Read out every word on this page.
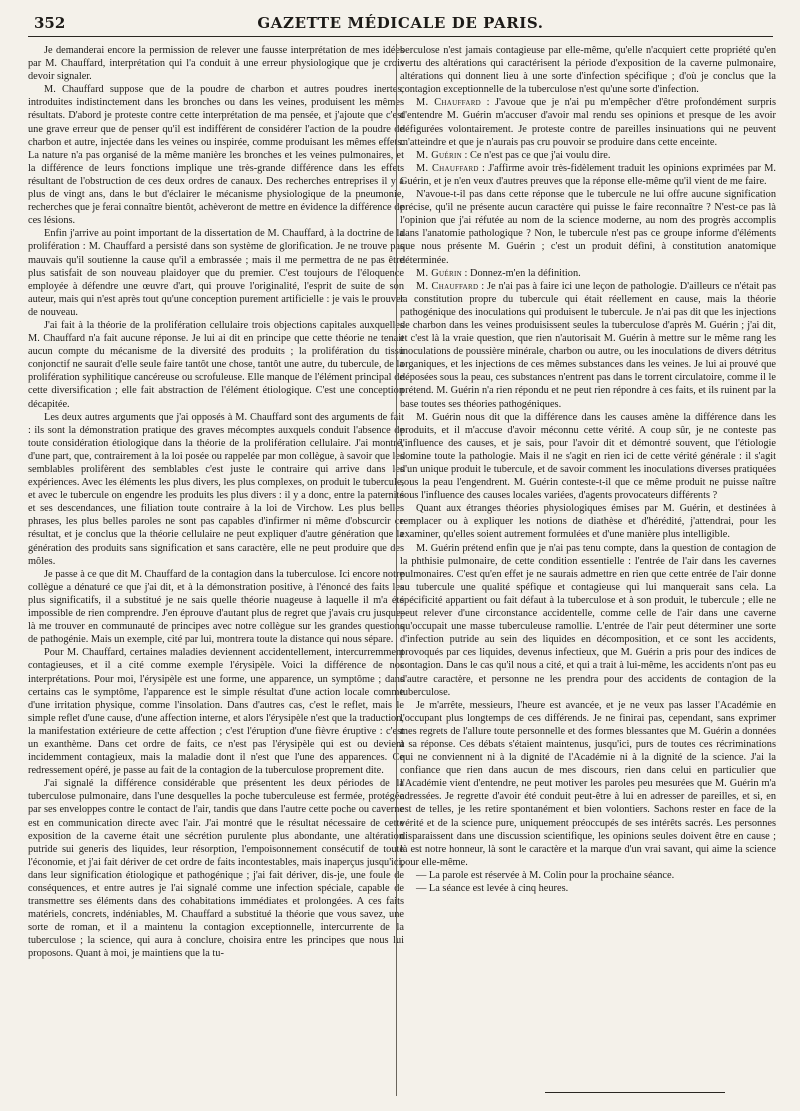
352	GAZETTE MÉDICALE DE PARIS.

Je demanderai encore la permission de relever une fausse interprétation de mes idées par M. Chauffard, interprétation qui l'a conduit à une erreur physiologique que je crois devoir signaler.

M. Chauffard suppose que de la poudre de charbon et autres poudres inertes, introduites indistinctement dans les bronches ou dans les veines, produisent les mêmes résultats. D'abord je proteste contre cette interprétation de ma pensée, et j'ajoute que c'est une grave erreur que de penser qu'il est indifférent de considérer l'action de la poudre de charbon et autre, injectée dans les veines ou inspirée, comme produisant les mêmes effets. La nature n'a pas organisé de la même manière les bronches et les veines pulmonaires, et la différence de leurs fonctions implique une très-grande différence dans les effets résultant de l'obstruction de ces deux ordres de canaux. Des recherches entreprises il y a plus de vingt ans, dans le but d'éclairer le mécanisme physiologique de la pneumonie, recherches que je ferai connaître bientôt, achèveront de mettre en évidence la différence de ces lésions.

Enfin j'arrive au point important de la dissertation de M. Chauffard, à la doctrine de la prolifération : M. Chauffard a persisté dans son système de glorification. Je ne trouve pas mauvais qu'il soutienne la cause qu'il a embrassée ; mais il me permettra de ne pas être plus satisfait de son nouveau plaidoyer que du premier. C'est toujours de l'éloquence employée à défendre une œuvre d'art, qui prouve l'originalité, l'esprit de suite de son auteur, mais qui n'est après tout qu'une conception purement artificielle : je vais le prouver de nouveau.

J'ai fait à la théorie de la prolifération cellulaire trois objections capitales auxquelles M. Chauffard n'a fait aucune réponse. Je lui ai dit en principe que cette théorie ne tenait aucun compte du mécanisme de la diversité des produits ; la prolifération du tissu conjonctif ne saurait d'elle seule faire tantôt une chose, tantôt une autre, du tubercule, de la prolifération syphilitique cancéreuse ou scrofuleuse. Elle manque de l'élément principal de cette diversification ; elle fait abstraction de l'élément étiologique. C'est une conception décapitée.

Les deux autres arguments que j'ai opposés à M. Chauffard sont des arguments de fait : ils sont la démonstration pratique des graves mécomptes auxquels conduit l'absence de toute considération étiologique dans la théorie de la prolifération cellulaire. J'ai montré, d'une part, que, contrairement à la loi posée ou rappelée par mon collègue, à savoir que les semblables prolifèrent des semblables c'est juste le contraire qui arrive dans les expériences. Avec les éléments les plus divers, les plus complexes, on produit le tubercule, et avec le tubercule on engendre les produits les plus divers : il y a donc, entre la paternité et ses descendances, une filiation toute contraire à la loi de Virchow. Les plus belles phrases, les plus belles paroles ne sont pas capables d'infirmer ni même d'obscurcir ce résultat, et je conclus que la théorie cellulaire ne peut expliquer d'autre génération que la génération des produits sans signification et sans caractère, elle ne peut produire que des môles.

Je passe à ce que dit M. Chauffard de la contagion dans la tuberculose. Ici encore notre collègue a dénaturé ce que j'ai dit, et à la démonstration positive, à l'énoncé des faits les plus significatifs, il a substitué je ne sais quelle théorie nuageuse à laquelle il m'a été impossible de rien comprendre. J'en éprouve d'autant plus de regret que j'avais cru jusque-là me trouver en communauté de principes avec notre collègue sur les grandes questions de pathogénie. Mais un exemple, cité par lui, montrera toute la distance qui nous sépare.

Pour M. Chauffard, certaines maladies deviennent accidentellement, intercurremment contagieuses, et il a cité comme exemple l'érysipèle. Voici la différence de nos interprétations. Pour moi, l'érysipèle est une forme, une apparence, un symptôme ; dans certains cas le symptôme, l'apparence est le simple résultat d'une action locale comme d'une irritation physique, comme l'insolation. Dans d'autres cas, c'est le reflet, mais le simple reflet d'une cause, d'une affection interne, et alors l'érysipèle n'est que la traduction, la manifestation extérieure de cette affection ; c'est l'éruption d'une fièvre éruptive : c'est un exanthème. Dans cet ordre de faits, ce n'est pas l'érysipèle qui est ou devient incidemment contagieux, mais la maladie dont il n'est que l'une des apparences. Ce redressement opéré, je passe au fait de la contagion de la tuberculose proprement dite.

J'ai signalé la différence considérable que présentent les deux périodes de la tuberculose pulmonaire, dans l'une desquelles la poche tuberculeuse est fermée, protégée par ses enveloppes contre le contact de l'air, tandis que dans l'autre cette poche ou caverne est en communication directe avec l'air. J'ai montré que le résultat nécessaire de cette exposition de la caverne était une sécrétion purulente plus abondante, une altération putride sui generis des liquides, leur résorption, l'empoisonnement consécutif de toute l'économie, et j'ai fait dériver de cet ordre de faits incontestables, mais inaperçus jusqu'ici, dans leur signification étiologique et pathogénique ; j'ai fait dériver, dis-je, une foule de conséquences, et entre autres je l'ai signalé comme une infection spéciale, capable de transmettre ses éléments dans des cohabitations immédiates et prolongées. A ces faits matériels, concrets, indéniables, M. Chauffard a substitué la théorie que vous savez, une sorte de roman, et il a maintenu la contagion exceptionnelle, intercurrente de la tuberculose ; la science, qui aura à conclure, choisira entre les principes que nous lui proposons. Quant à moi, je maintiens que la tu-

berculose n'est jamais contagieuse par elle-même, qu'elle n'acquiert cette propriété qu'en vertu des altérations qui caractérisent la période d'exposition de la caverne pulmonaire, altérations qui donnent lieu à une sorte d'infection spécifique ; d'où je conclus que la contagion exceptionnelle de la tuberculose n'est qu'une sorte d'infection.

M. Chauffard : J'avoue que je n'ai pu m'empêcher d'être profondément surpris d'entendre M. Guérin m'accuser d'avoir mal rendu ses opinions et presque de les avoir défigurées volontairement. Je proteste contre de pareilles insinuations qui ne peuvent m'atteindre et que je n'aurais pas cru pouvoir se produire dans cette enceinte.

M. Guérin : Ce n'est pas ce que j'ai voulu dire.

M. Chauffard : J'affirme avoir très-fidèlement traduit les opinions exprimées par M. Guérin, et je n'en veux d'autres preuves que la réponse elle-même qu'il vient de me faire.

N'avoue-t-il pas dans cette réponse que le tubercule ne lui offre aucune signification précise, qu'il ne présente aucun caractère qui puisse le faire reconnaître ? N'est-ce pas là l'opinion que j'ai réfutée au nom de la science moderne, au nom des progrès accomplis dans l'anatomie pathologique ? Non, le tubercule n'est pas ce groupe informe d'éléments que nous présente M. Guérin ; c'est un produit défini, à constitution anatomique déterminée.

M. Guérin : Donnez-m'en la définition.

M. Chauffard : Je n'ai pas à faire ici une leçon de pathologie. D'ailleurs ce n'était pas la constitution propre du tubercule qui était réellement en cause, mais la théorie pathogénique des inoculations qui produisent le tubercule. Je n'ai pas dit que les injections de charbon dans les veines produisissent seules la tuberculose d'après M. Guérin ; j'ai dit, et c'est là la vraie question, que rien n'autorisait M. Guérin à mettre sur le même rang les inoculations de poussière minérale, charbon ou autre, ou les inoculations de divers détritus organiques, et les injections de ces mêmes substances dans les veines. Je lui ai prouvé que déposées sous la peau, ces substances n'entrent pas dans le torrent circulatoire, comme il le prétend. M. Guérin n'a rien répondu et ne peut rien répondre à ces faits, et ils ruinent par la base toutes ses théories pathogéniques.

M. Guérin nous dit que la différence dans les causes amène la différence dans les produits, et il m'accuse d'avoir méconnu cette vérité. A coup sûr, je ne conteste pas l'influence des causes, et je sais, pour l'avoir dit et démontré souvent, que l'étiologie domine toute la pathologie. Mais il ne s'agit en rien ici de cette vérité générale : il s'agit d'un unique produit le tubercule, et de savoir comment les inoculations diverses pratiquées sous la peau l'engendrent. M. Guérin conteste-t-il que ce même produit ne puisse naître sous l'influence des causes locales variées, d'agents provocateurs différents ?

Quant aux étranges théories physiologiques émises par M. Guérin, et destinées à remplacer ou à expliquer les notions de diathèse et d'hérédité, j'attendrai, pour les examiner, qu'elles soient autrement formulées et d'une manière plus intelligible.

M. Guérin prétend enfin que je n'ai pas tenu compte, dans la question de contagion de la phthisie pulmonaire, de cette condition essentielle : l'entrée de l'air dans les cavernes pulmonaires. C'est qu'en effet je ne saurais admettre en rien que cette entrée de l'air donne au tubercule une qualité spéfique et contagieuse qui lui manquerait sans cela. La spécificité appartient ou fait défaut à la tuberculose et à son produit, le tubercule ; elle ne peut relever d'une circonstance accidentelle, comme celle de l'air dans une caverne qu'occupait une masse tuberculeuse ramollie. L'entrée de l'air peut déterminer une sorte d'infection putride au sein des liquides en décomposition, et ce sont les accidents, provoqués par ces liquides, devenus infectieux, que M. Guérin a pris pour des indices de contagion. Dans le cas qu'il nous a cité, et qui a trait à lui-même, les accidents n'ont pas eu d'autre caractère, et personne ne les prendra pour des accidents de contagion de la tuberculose.

Je m'arrête, messieurs, l'heure est avancée, et je ne veux pas lasser l'Académie en l'occupant plus longtemps de ces différends. Je ne finirai pas, cependant, sans exprimer mes regrets de l'allure toute personnelle et des formes blessantes que M. Guérin a données à sa réponse. Ces débats s'étaient maintenus, jusqu'ici, purs de toutes ces récriminations qui ne conviennent ni à la dignité de l'Académie ni à la dignité de la science. J'ai la confiance que rien dans aucun de mes discours, rien dans celui en particulier que l'Académie vient d'entendre, ne peut motiver les paroles peu mesurées que M. Guérin m'a adressées. Je regrette d'avoir été conduit peut-être à lui en adresser de pareilles, et si, en est de telles, je les retire spontanément et bien volontiers. Sachons rester en face de la vérité et de la science pure, uniquement préoccupés de ses intérêts sacrés. Les personnes disparaissent dans une discussion scientifique, les opinions seules doivent être en cause ; là est notre honneur, là sont le caractère et la marque d'un vrai savant, qui aime la science pour elle-même.

— La parole est réservée à M. Colin pour la prochaine séance.

— La séance est levée à cinq heures.
